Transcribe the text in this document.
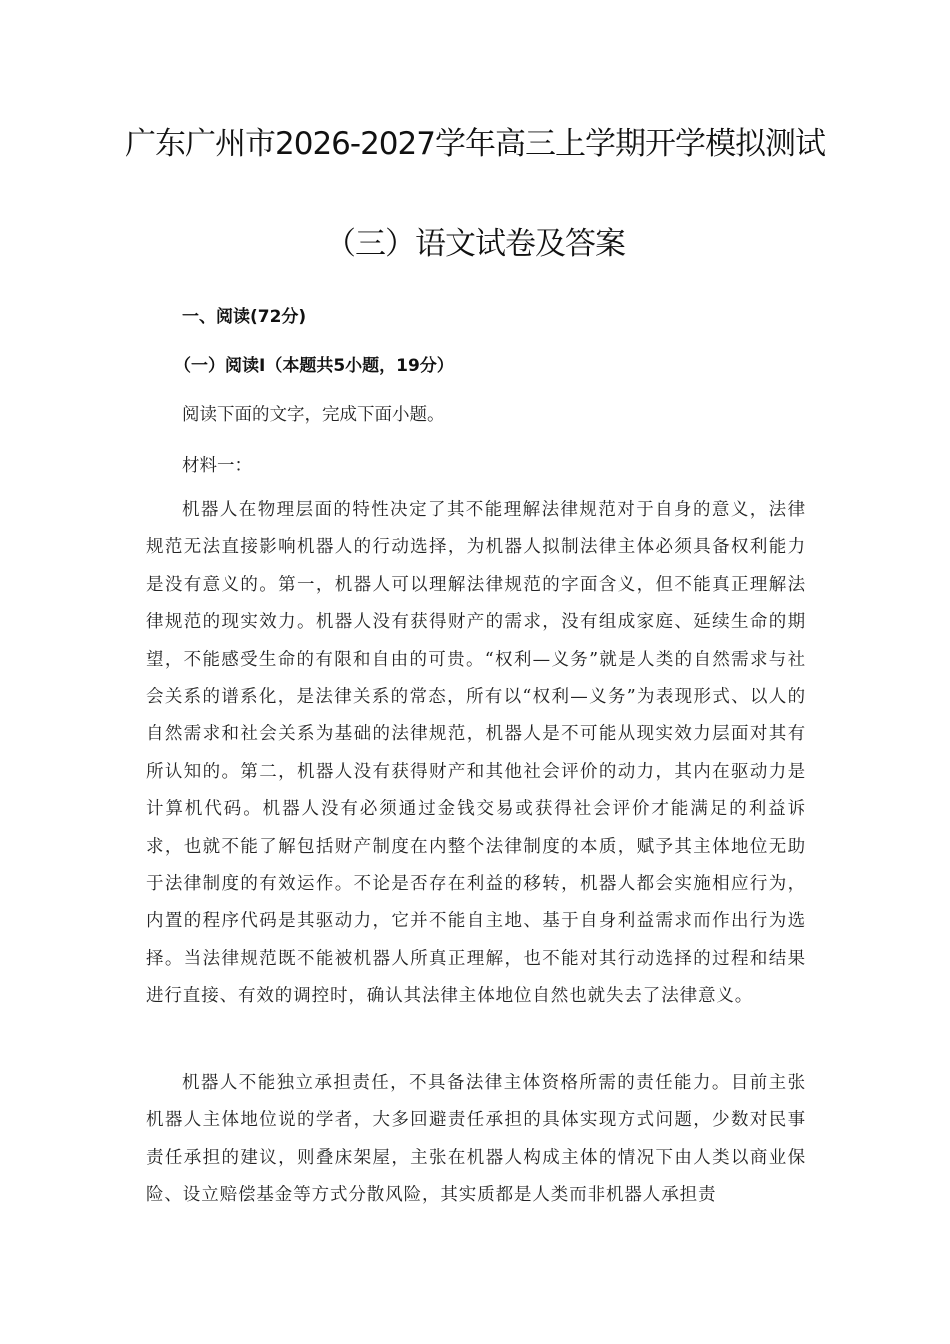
广东广州市2026-2027学年高三上学期开学模拟测试
（三）语文试卷及答案
一、阅读(72分)
（一）阅读I（本题共5小题，19分）
阅读下面的文字，完成下面小题。
材料一：
机器人在物理层面的特性决定了其不能理解法律规范对于自身的意义，法律规范无法直接影响机器人的行动选择，为机器人拟制法律主体必须具备权利能力是没有意义的。第一，机器人可以理解法律规范的字面含义，但不能真正理解法律规范的现实效力。机器人没有获得财产的需求，没有组成家庭、延续生命的期望，不能感受生命的有限和自由的可贵。“权利—义务”就是人类的自然需求与社会关系的谱系化，是法律关系的常态，所有以“权利—义务”为表现形式、以人的自然需求和社会关系为基础的法律规范，机器人是不可能从现实效力层面对其有所认知的。第二，机器人没有获得财产和其他社会评价的动力，其内在驱动力是计算机代码。机器人没有必须通过金钱交易或获得社会评价才能满足的利益诉求，也就不能了解包括财产制度在内整个法律制度的本质，赋予其主体地位无助于法律制度的有效运作。不论是否存在利益的移转，机器人都会实施相应行为，内置的程序代码是其驱动力，它并不能自主地、基于自身利益需求而作出行为选择。当法律规范既不能被机器人所真正理解，也不能对其行动选择的过程和结果进行直接、有效的调控时，确认其法律主体地位自然也就失去了法律意义。
机器人不能独立承担责任，不具备法律主体资格所需的责任能力。目前主张机器人主体地位说的学者，大多回避责任承担的具体实现方式问题，少数对民事责任承担的建议，则叠床架屋，主张在机器人构成主体的情况下由人类以商业保险、设立赔偿基金等方式分散风险，其实质都是人类而非机器人承担责
